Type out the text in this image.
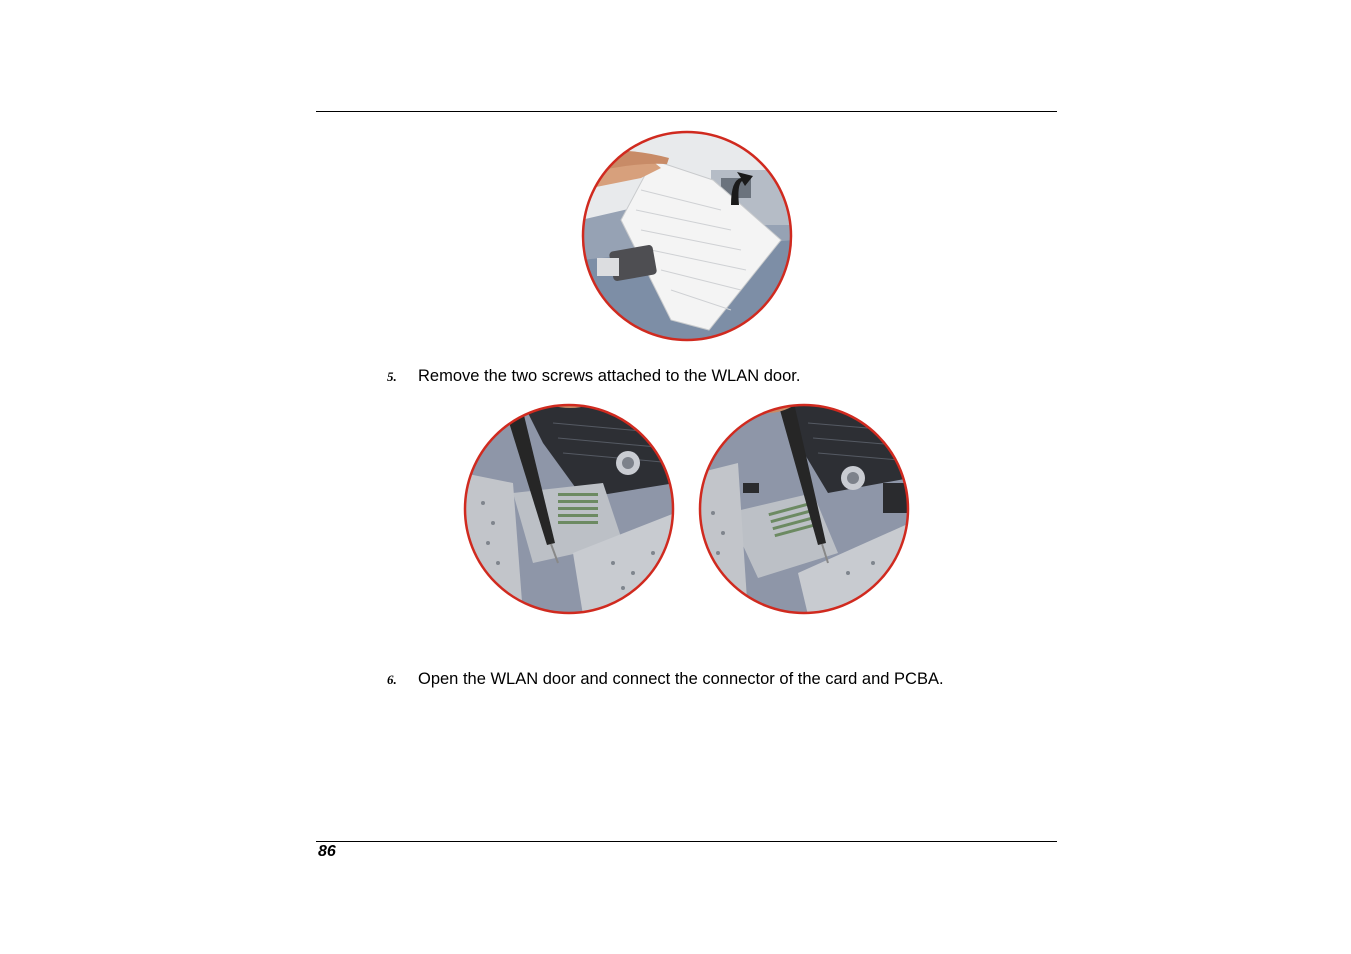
5. Remove the two screws attached to the WLAN door.
6. Open the WLAN door and connect the connector of the card and PCBA.
86
